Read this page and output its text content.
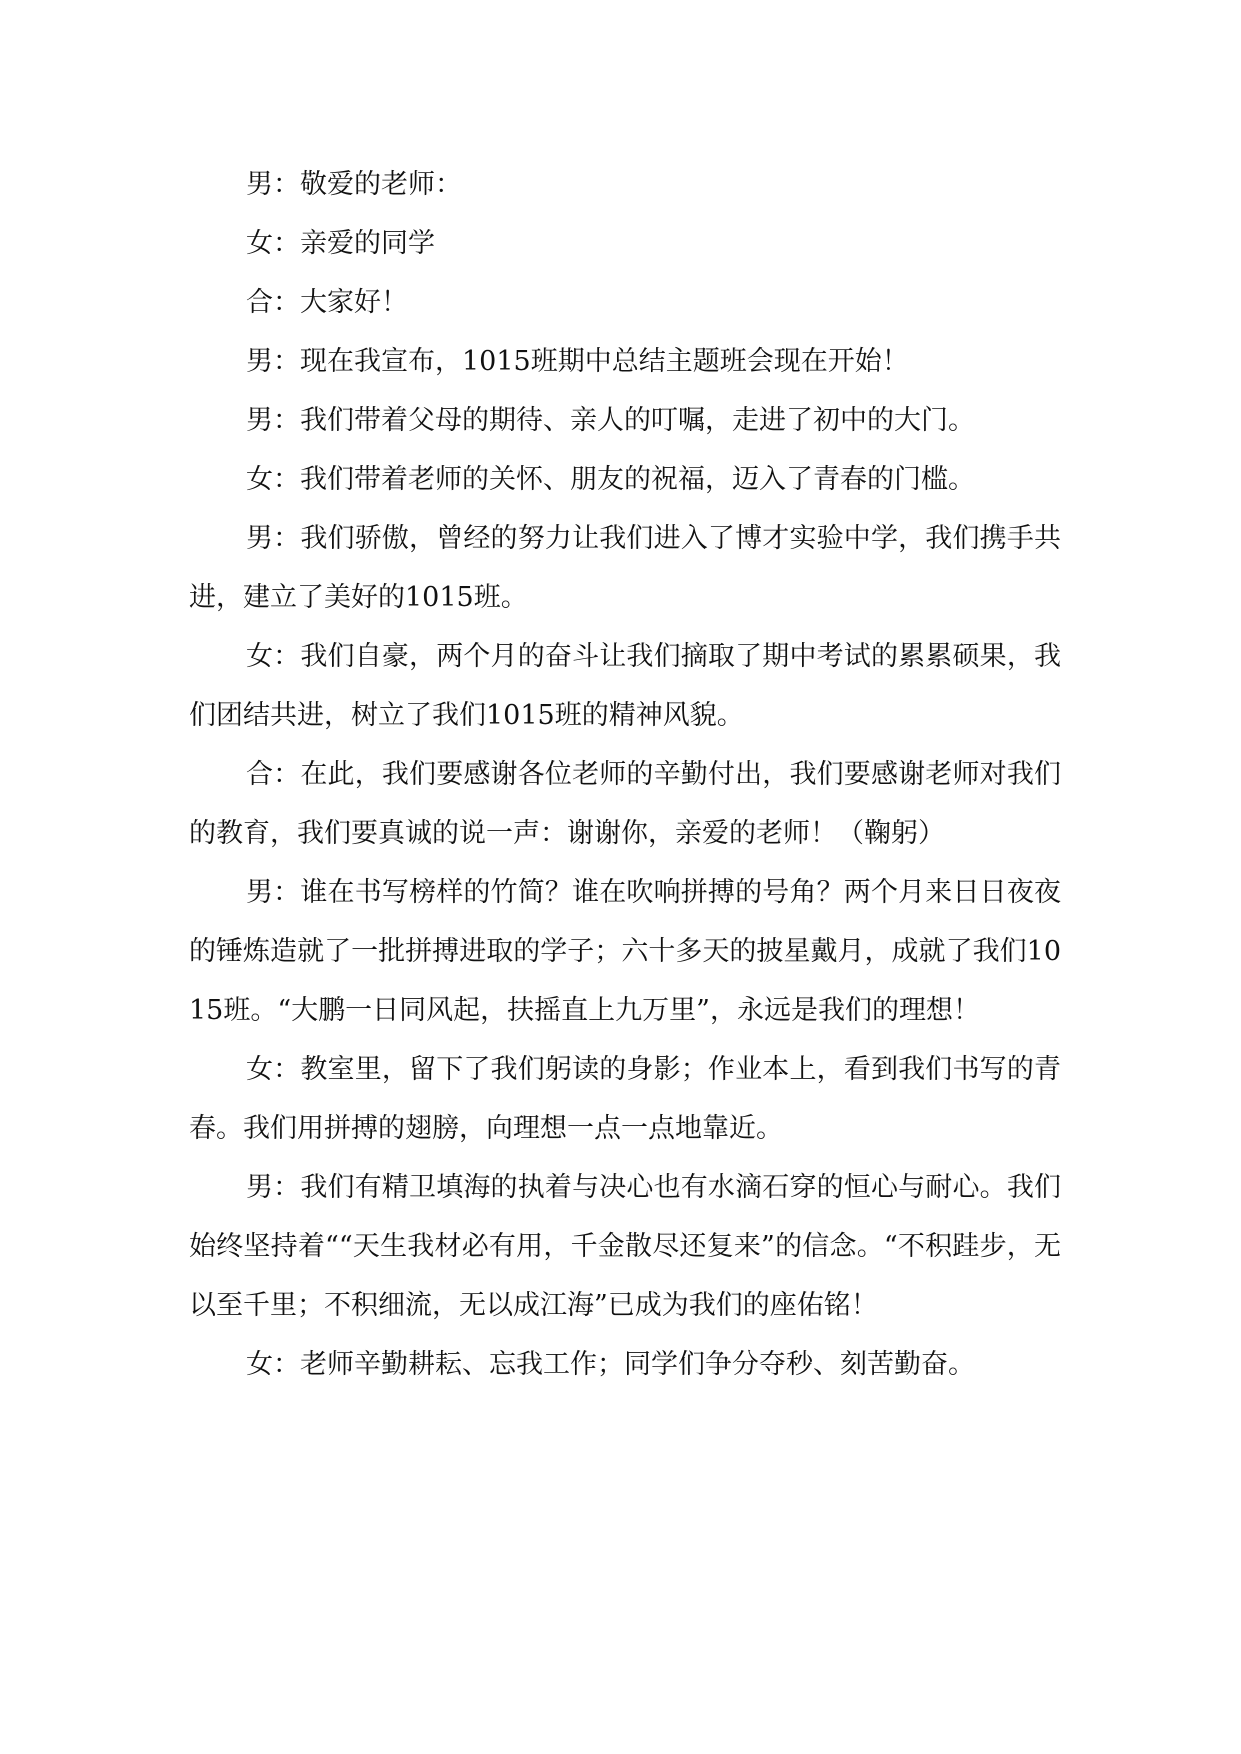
男：敬爱的老师：

女：亲爱的同学

合：大家好！

男：现在我宣布，1015班期中总结主题班会现在开始！

男：我们带着父母的期待、亲人的叮嘱，走进了初中的大门。

女：我们带着老师的关怀、朋友的祝福，迈入了青春的门槛。

男：我们骄傲，曾经的努力让我们进入了博才实验中学，我们携手共进，建立了美好的1015班。

女：我们自豪，两个月的奋斗让我们摘取了期中考试的累累硕果，我们团结共进，树立了我们1015班的精神风貌。

合：在此，我们要感谢各位老师的辛勤付出，我们要感谢老师对我们的教育，我们要真诚的说一声：谢谢你，亲爱的老师！（鞠躬）

男：谁在书写榜样的竹简？谁在吹响拼搏的号角？两个月来日日夜夜的锤炼造就了一批拼搏进取的学子；六十多天的披星戴月，成就了我们1015班。“大鹏一日同风起，扶摇直上九万里”，永远是我们的理想！

女：教室里，留下了我们躬读的身影；作业本上，看到我们书写的青春。我们用拼搏的翅膀，向理想一点一点地靠近。

男：我们有精卫填海的执着与决心也有水滴石穿的恒心与耐心。我们始终坚持着““天生我材必有用，千金散尽还复来”的信念。“不积跬步，无以至千里；不积细流，无以成江海”已成为我们的座佑铭！

女：老师辛勤耕耘、忘我工作；同学们争分夺秒、刻苦勤奋。
